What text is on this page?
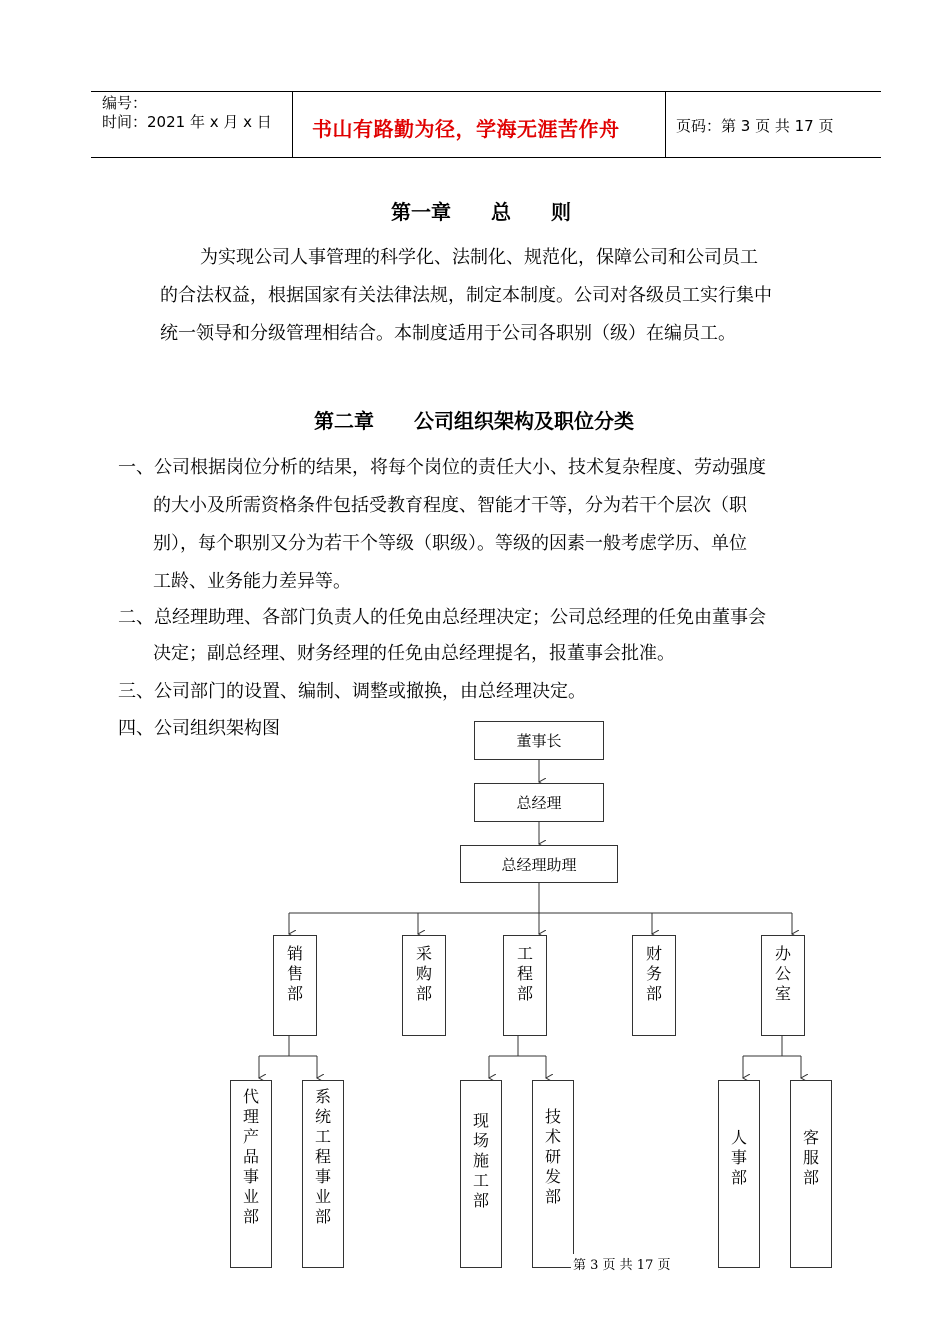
编号：
时间：2021 年 x 月 x 日 书山有路勤为径，学海无涯苦作舟	页码：第 3 页 共 17 页
第一章　　总　　则
为实现公司人事管理的科学化、法制化、规范化，保障公司和公司员工
的合法权益，根据国家有关法律法规，制定本制度。公司对各级员工实行集中
统一领导和分级管理相结合。本制度适用于公司各职别（级）在编员工。
第二章　　公司组织架构及职位分类
一、公司根据岗位分析的结果，将每个岗位的责任大小、技术复杂程度、劳动强度
的大小及所需资格条件包括受教育程度、智能才干等，分为若干个层次（职
别），每个职别又分为若干个等级（职级）。等级的因素一般考虑学历、单位
工龄、业务能力差异等。
二、总经理助理、各部门负责人的任免由总经理决定；公司总经理的任免由董事会
决定；副总经理、财务经理的任免由总经理提名，报董事会批准。
三、公司部门的设置、编制、调整或撤换，由总经理决定。
四、公司组织架构图
董事长
总经理
总经理助理
销售部
采购部
工程部
财务部
办公室
代理产品事业部
系统工程事业部
现场施工部
技术研发部
人事部
客服部
第 3 页 共 17 页
